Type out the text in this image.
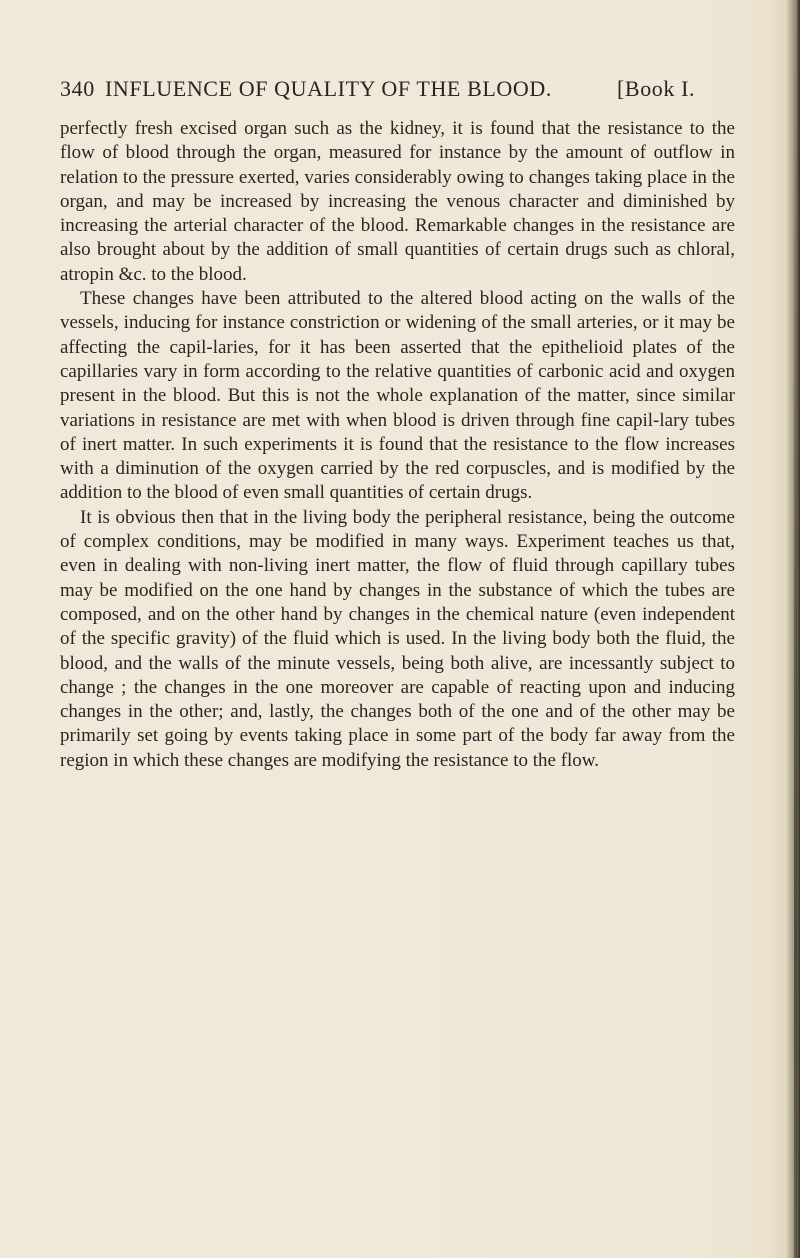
340 INFLUENCE OF QUALITY OF THE BLOOD.	[Book I.

perfectly fresh excised organ such as the kidney, it is found that the resistance to the flow of blood through the organ, measured for instance by the amount of outflow in relation to the pressure exerted, varies considerably owing to changes taking place in the organ, and may be increased by increasing the venous character and diminished by increasing the arterial character of the blood. Remarkable changes in the resistance are also brought about by the addition of small quantities of certain drugs such as chloral, atropin &c. to the blood.

These changes have been attributed to the altered blood acting on the walls of the vessels, inducing for instance constriction or widening of the small arteries, or it may be affecting the capil-laries, for it has been asserted that the epithelioid plates of the capillaries vary in form according to the relative quantities of carbonic acid and oxygen present in the blood. But this is not the whole explanation of the matter, since similar variations in resistance are met with when blood is driven through fine capil-lary tubes of inert matter. In such experiments it is found that the resistance to the flow increases with a diminution of the oxygen carried by the red corpuscles, and is modified by the addition to the blood of even small quantities of certain drugs.

It is obvious then that in the living body the peripheral resistance, being the outcome of complex conditions, may be modified in many ways. Experiment teaches us that, even in dealing with non-living inert matter, the flow of fluid through capillary tubes may be modified on the one hand by changes in the substance of which the tubes are composed, and on the other hand by changes in the chemical nature (even independent of the specific gravity) of the fluid which is used. In the living body both the fluid, the blood, and the walls of the minute vessels, being both alive, are incessantly subject to change ; the changes in the one moreover are capable of reacting upon and inducing changes in the other; and, lastly, the changes both of the one and of the other may be primarily set going by events taking place in some part of the body far away from the region in which these changes are modifying the resistance to the flow.
